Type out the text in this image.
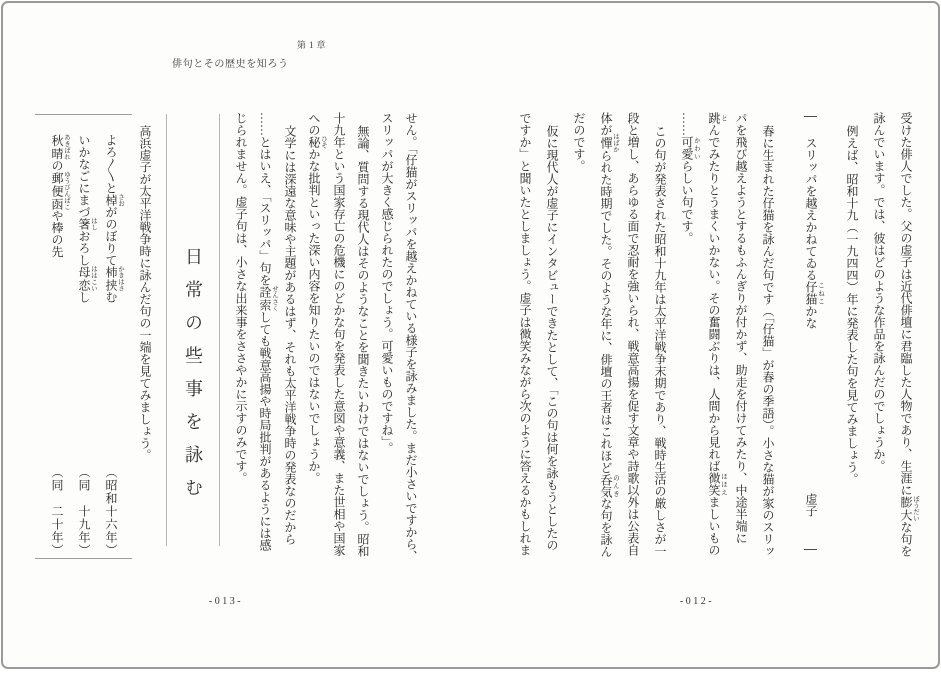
第1章
俳句とその歴史を知ろう

受けた俳人でした。父の虚子は近代俳壇に君臨した人物であり、生涯に膨大 ぼうだいな句を

詠んでいます。では、彼はどのような作品を詠んだのでしょうか。

例えば、昭和十九（一九四四）年に発表した句を見てみましょう。

スリッパを越えかねてゐる仔猫 こねこかな
虚子

春に生まれた仔猫を詠んだ句です（「仔猫」が春の季語）。小さな猫が家のスリッ

パを飛び越えようとするもふんぎりが付かず、助走を付けてみたり、中途半端に

跳 とんでみたりとうまくいかない。その奮闘ぶりは、人間から見れば微笑 ほほえましいもの

……可愛 かわいらしい句です。

この句が発表された昭和十九年は太平洋戦争末期であり、戦時生活の厳しさが一

段と増し、あらゆる面で忍耐を強いられ、戦意高揚を促す文章や詩歌以外は公表自

体が憚 はばかられた時期でした。そのような年に、俳壇の王者はこれほど呑気 のんきな句を詠ん

だのです。

仮に現代人が虚子にインタビューできたとして、「この句は何を詠もうとしたの

ですか」と聞いたとしましょう。虚子は微笑みながら次のように答えるかもしれま

せん。「仔猫がスリッパを越えかねている様子を詠みました。まだ小さいですから、

スリッパが大きく感じられたのでしょう。可愛いものですね」。

無論、質問する現代人はそのようなことを聞きたいわけではないでしょう。昭和

十九年という国家存亡の危機にのどかな句を発表した意図や意義、また世相や国家

への秘 ひそかな批判といった深い内容を知りたいのではないでしょうか。

文学には深遠な意味や主題があるはず、それも太平洋戦争時の発表なのだから

……とはいえ、「スリッパ」句を詮索 せんさくしても戦意高揚や時局批判があるようには感

じられません。虚子句は、小さな出来事をささやかに示すのみです。

日常の些事を詠む

高浜虚子が太平洋戦争時に詠んだ句の一端を見てみましょう。

よろ〳〵と棹 さおがのぼりて柿挟 かきはさむ
（昭和十六年）

いかなごにまづ箸 はしおろし母恋 ははこいし
（同　十九年）

秋晴 あきばれの郵便函 ゆうびんばこや棒の先
（同　二十年）

-013-	-012-
